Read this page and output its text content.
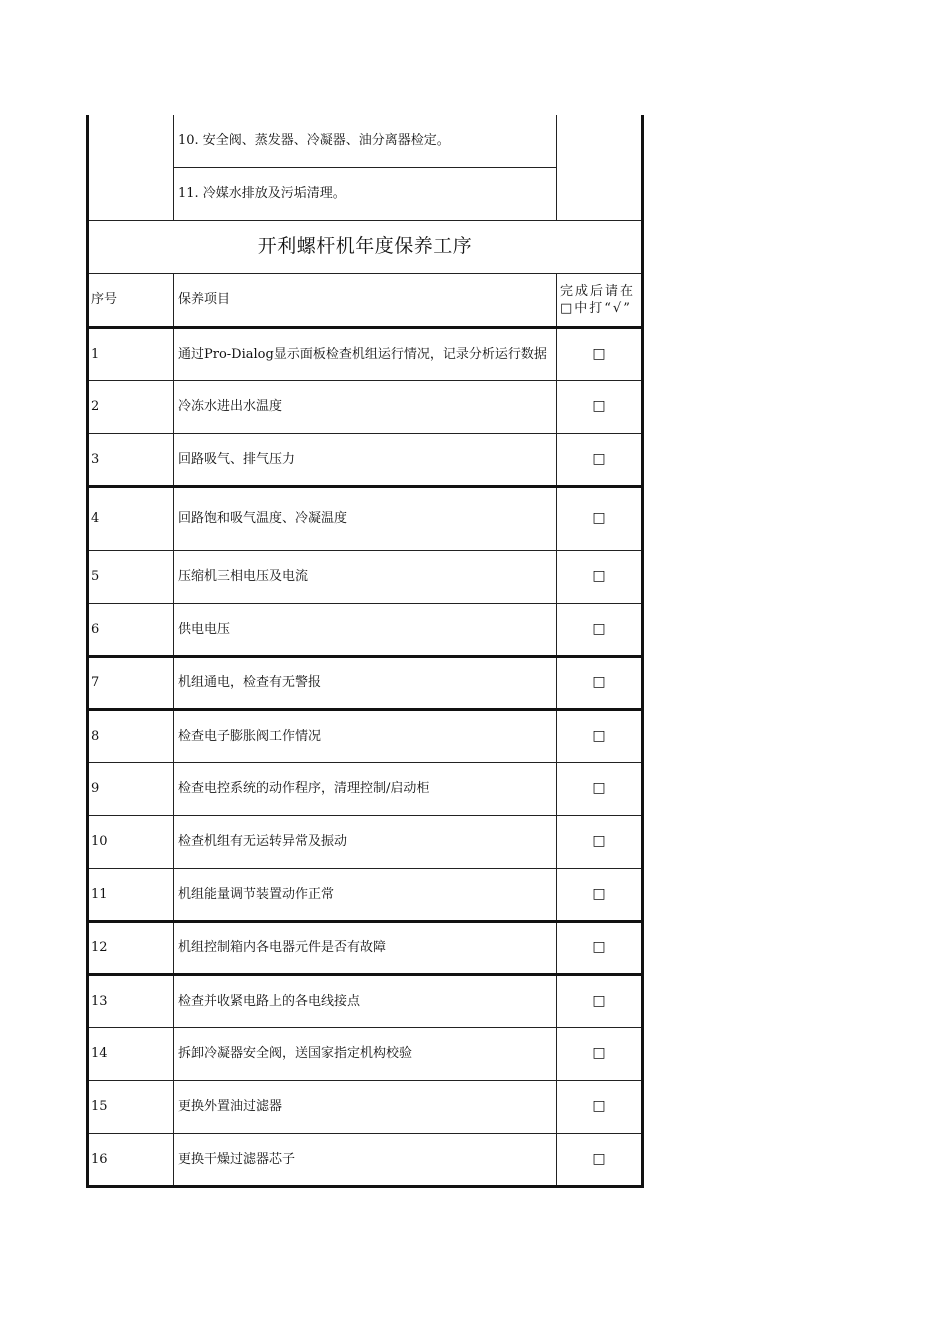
	10. 安全阀、蒸发器、冷凝器、油分离器检定。	
	11. 冷媒水排放及污垢清理。	
开利螺杆机年度保养工序		
序号	保养项目	完成后请在□中打“√”
1	通过Pro-Dialog显示面板检查机组运行情况，记录分析运行数据	□
2	冷冻水进出水温度	□
3	回路吸气、排气压力	□
4	回路饱和吸气温度、冷凝温度	□
5	压缩机三相电压及电流	□
6	供电电压	□
7	机组通电，检查有无警报	□
8	检查电子膨胀阀工作情况	□
9	检查电控系统的动作程序，清理控制/启动柜	□
10	检查机组有无运转异常及振动	□
11	机组能量调节装置动作正常	□
12	机组控制箱内各电器元件是否有故障	□
13	检查并收紧电路上的各电线接点	□
14	拆卸冷凝器安全阀，送国家指定机构校验	□
15	更换外置油过滤器	□
16	更换干燥过滤器芯子	□
